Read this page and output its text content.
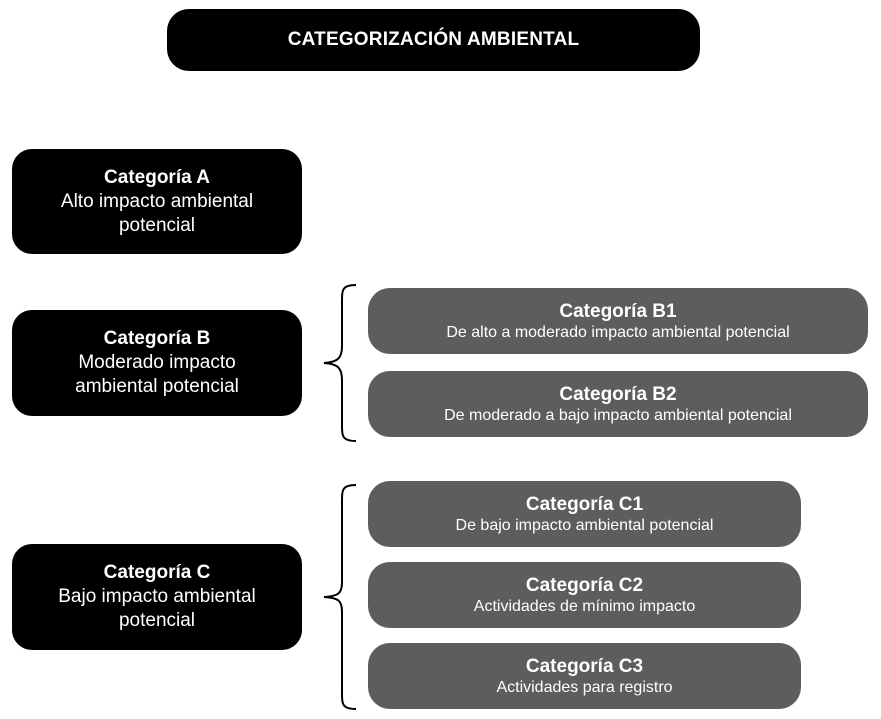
CATEGORIZACIÓN AMBIENTAL
Categoría A
Alto impacto ambiental
potencial
Categoría B
Moderado impacto
ambiental potencial
Categoría B1
De alto a moderado impacto ambiental potencial
Categoría B2
De moderado a bajo impacto ambiental potencial
Categoría C
Bajo impacto ambiental
potencial
Categoría C1
De bajo impacto ambiental potencial
Categoría C2
Actividades de mínimo impacto
Categoría C3
Actividades para registro
